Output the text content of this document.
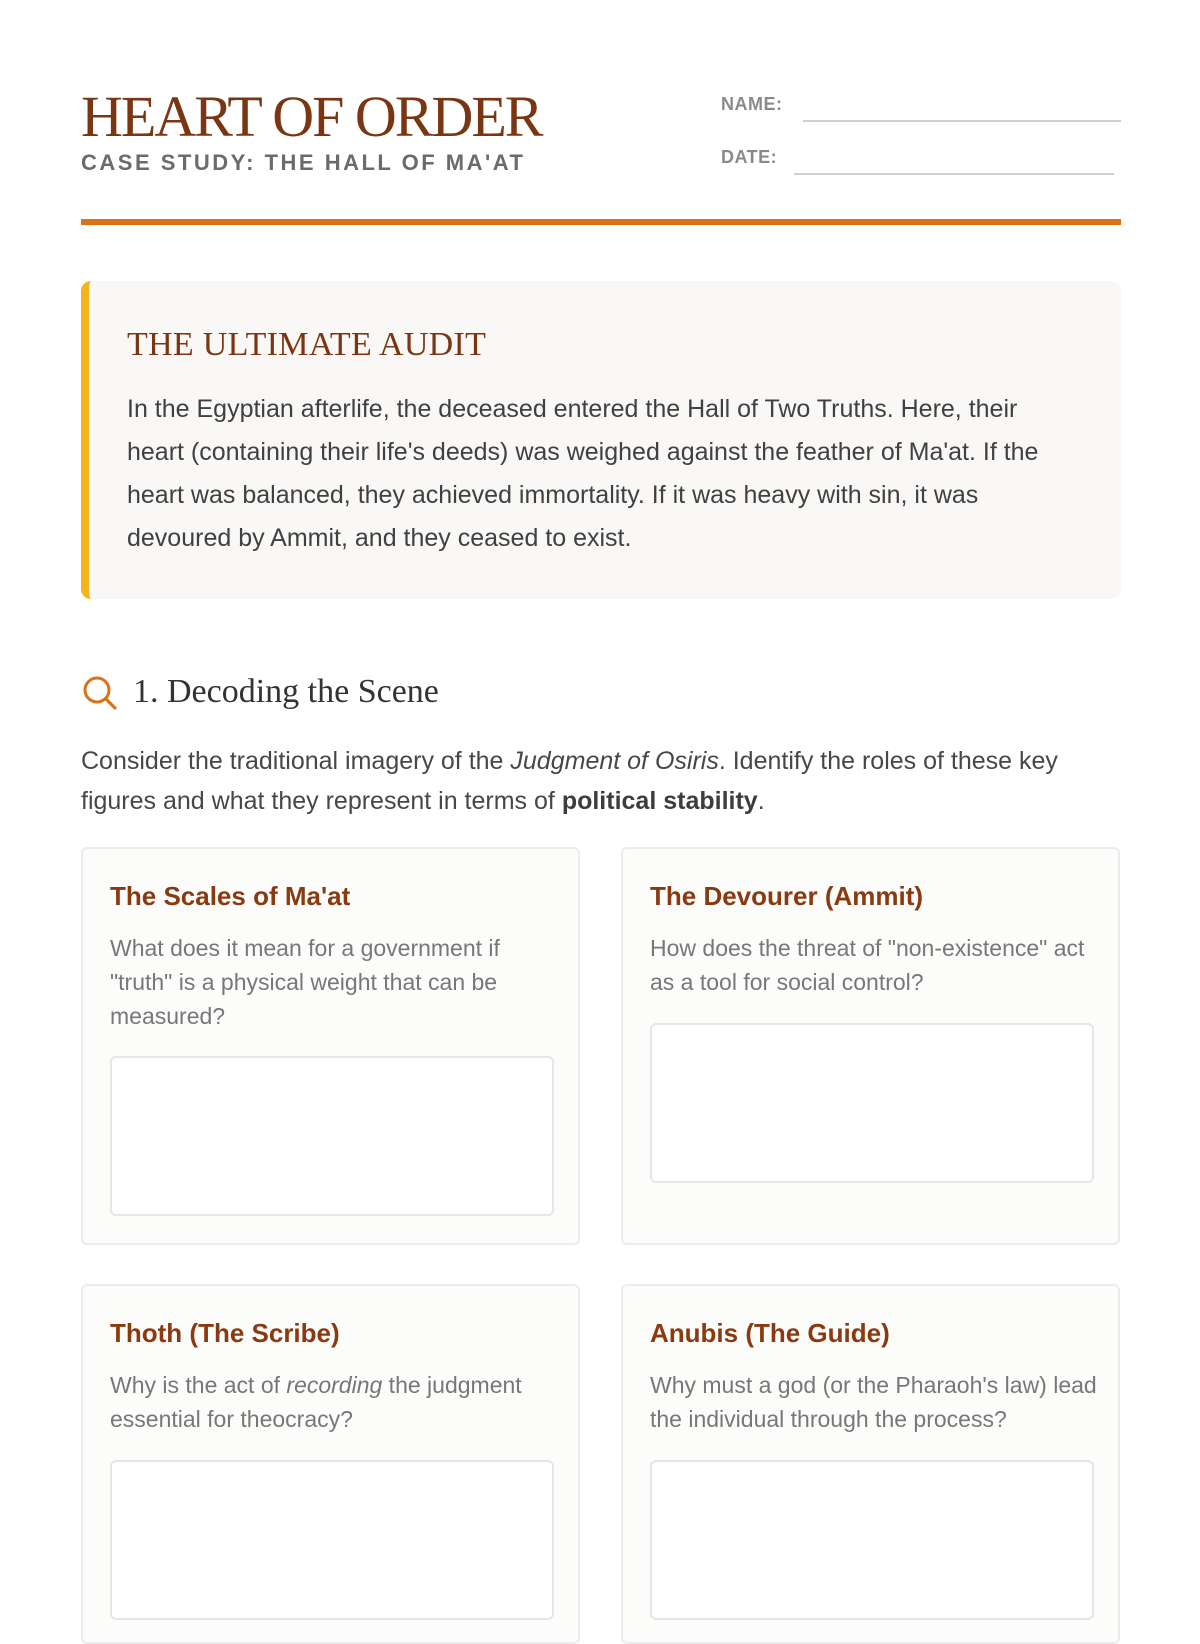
HEART OF ORDER

CASE STUDY: THE HALL OF MA'AT

NAME:
DATE:
THE ULTIMATE AUDIT

In the Egyptian afterlife, the deceased entered the Hall of Two Truths. Here, their heart (containing their life's deeds) was weighed against the feather of Ma'at. If the heart was balanced, they achieved immortality. If it was heavy with sin, it was devoured by Ammit, and they ceased to exist.

1. Decoding the Scene

Consider the traditional imagery of the Judgment of Osiris. Identify the roles of these key figures and what they represent in terms of political stability.

The Scales of Ma'at

What does it mean for a government if "truth" is a physical weight that can be measured?

The Devourer (Ammit)

How does the threat of "non-existence" act as a tool for social control?

Thoth (The Scribe)

Why is the act of recording the judgment essential for theocracy?

Anubis (The Guide)

Why must a god (or the Pharaoh's law) lead the individual through the process?
